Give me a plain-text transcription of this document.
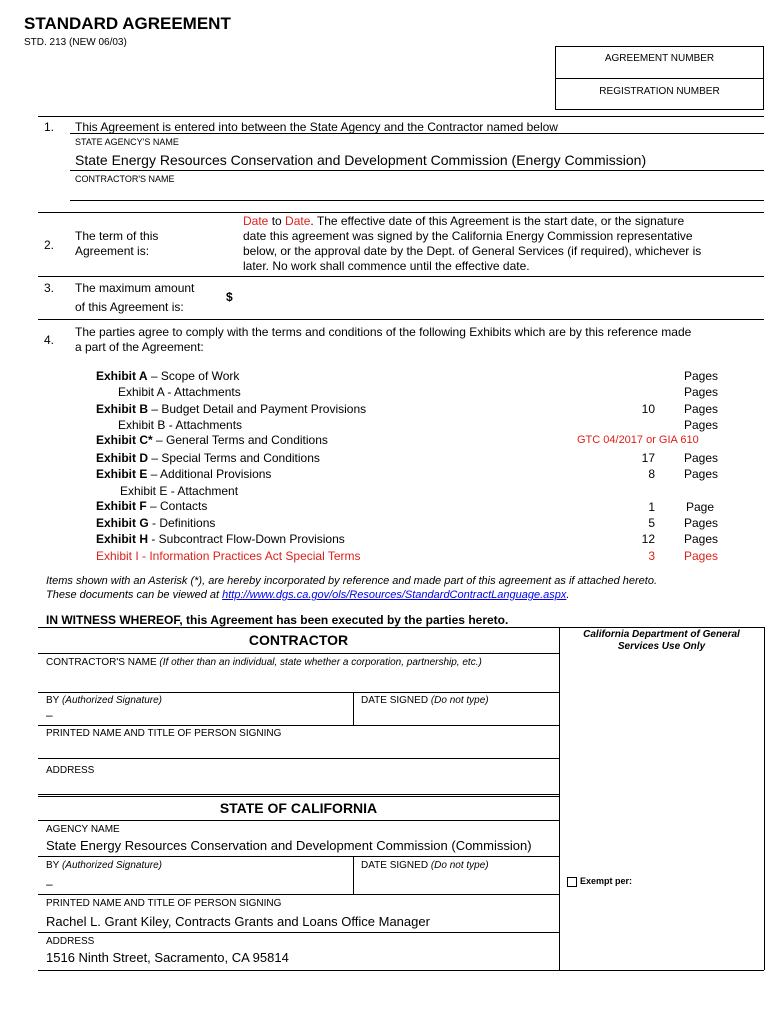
STANDARD AGREEMENT
STD. 213 (NEW 06/03)
AGREEMENT NUMBER
REGISTRATION NUMBER
1. This Agreement is entered into between the State Agency and the Contractor named below
STATE AGENCY'S NAME
State Energy Resources Conservation and Development Commission (Energy Commission)
CONTRACTOR'S NAME
2.
The term of this
Agreement is:
Date to Date. The effective date of this Agreement is the start date, or the signature
date this agreement was signed by the California Energy Commission representative
below, or the approval date by the Dept. of General Services (if required), whichever is
later. No work shall commence until the effective date.
3. The maximum amount
of this Agreement is:
$
4.
The parties agree to comply with the terms and conditions of the following Exhibits which are by this reference made
a part of the Agreement:
Exhibit A – Scope of Work	Pages
Exhibit A - Attachments	Pages
Exhibit B – Budget Detail and Payment Provisions	10 Pages
Exhibit B - Attachments	Pages
Exhibit C* – General Terms and Conditions	GTC 04/2017 or GIA 610
Exhibit D – Special Terms and Conditions	17 Pages
Exhibit E – Additional Provisions	8 Pages
Exhibit E - Attachment
Exhibit F – Contacts	1	Page
Exhibit G - Definitions	5 Pages
Exhibit H - Subcontract Flow-Down Provisions	12 Pages
Exhibit I - Information Practices Act Special Terms	3 Pages
Items shown with an Asterisk (*), are hereby incorporated by reference and made part of this agreement as if attached hereto.
These documents can be viewed at http://www.dgs.ca.gov/ols/Resources/StandardContractLanguage.aspx.
IN WITNESS WHEREOF, this Agreement has been executed by the parties hereto.
California Department of General
Services Use Only
Exempt per:
CONTRACTOR
CONTRACTOR'S NAME (If other than an individual, state whether a corporation, partnership, etc.)
BY (Authorized Signature)
–
DATE SIGNED (Do not type)
PRINTED NAME AND TITLE OF PERSON SIGNING
ADDRESS
STATE OF CALIFORNIA
AGENCY NAME
State Energy Resources Conservation and Development Commission (Commission)
BY (Authorized Signature)
–
DATE SIGNED (Do not type)
PRINTED NAME AND TITLE OF PERSON SIGNING
Rachel L. Grant Kiley, Contracts Grants and Loans Office Manager
ADDRESS
1516 Ninth Street, Sacramento, CA 95814
